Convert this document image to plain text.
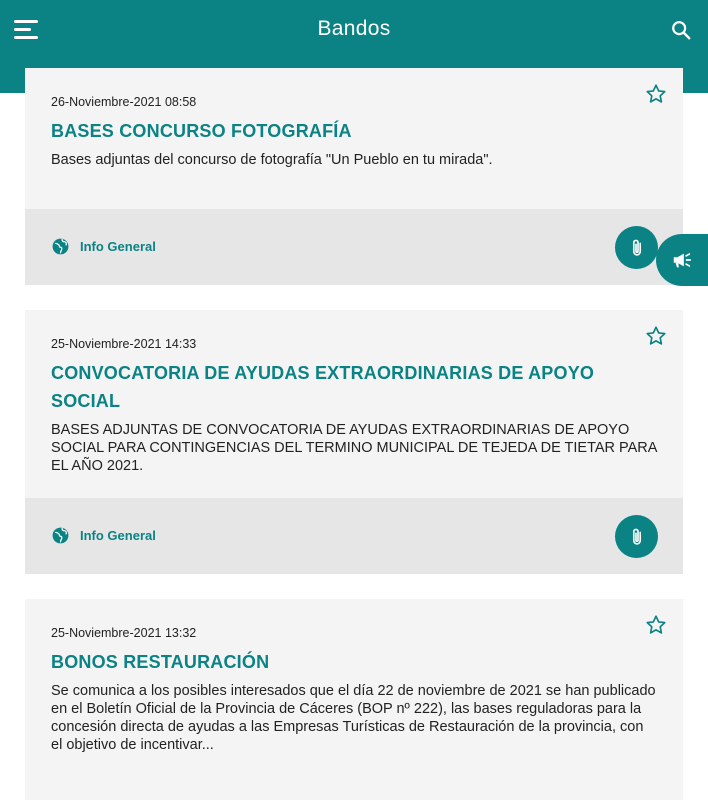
Bandos
26-Noviembre-2021 08:58
BASES CONCURSO FOTOGRAFÍA
Bases adjuntas del concurso de fotografía "Un Pueblo en tu mirada".
Info General
25-Noviembre-2021 14:33
CONVOCATORIA DE AYUDAS EXTRAORDINARIAS DE APOYO SOCIAL
BASES ADJUNTAS DE CONVOCATORIA DE AYUDAS EXTRAORDINARIAS DE APOYO SOCIAL PARA CONTINGENCIAS DEL TERMINO MUNICIPAL DE TEJEDA DE TIETAR PARA EL AÑO 2021.
Info General
25-Noviembre-2021 13:32
BONOS RESTAURACIÓN
Se comunica a los posibles interesados que el día 22 de noviembre de 2021 se han publicado en el Boletín Oficial de la Provincia de Cáceres (BOP nº 222), las bases reguladoras para la concesión directa de ayudas a las Empresas Turísticas de Restauración de la provincia, con el objetivo de incentivar...
